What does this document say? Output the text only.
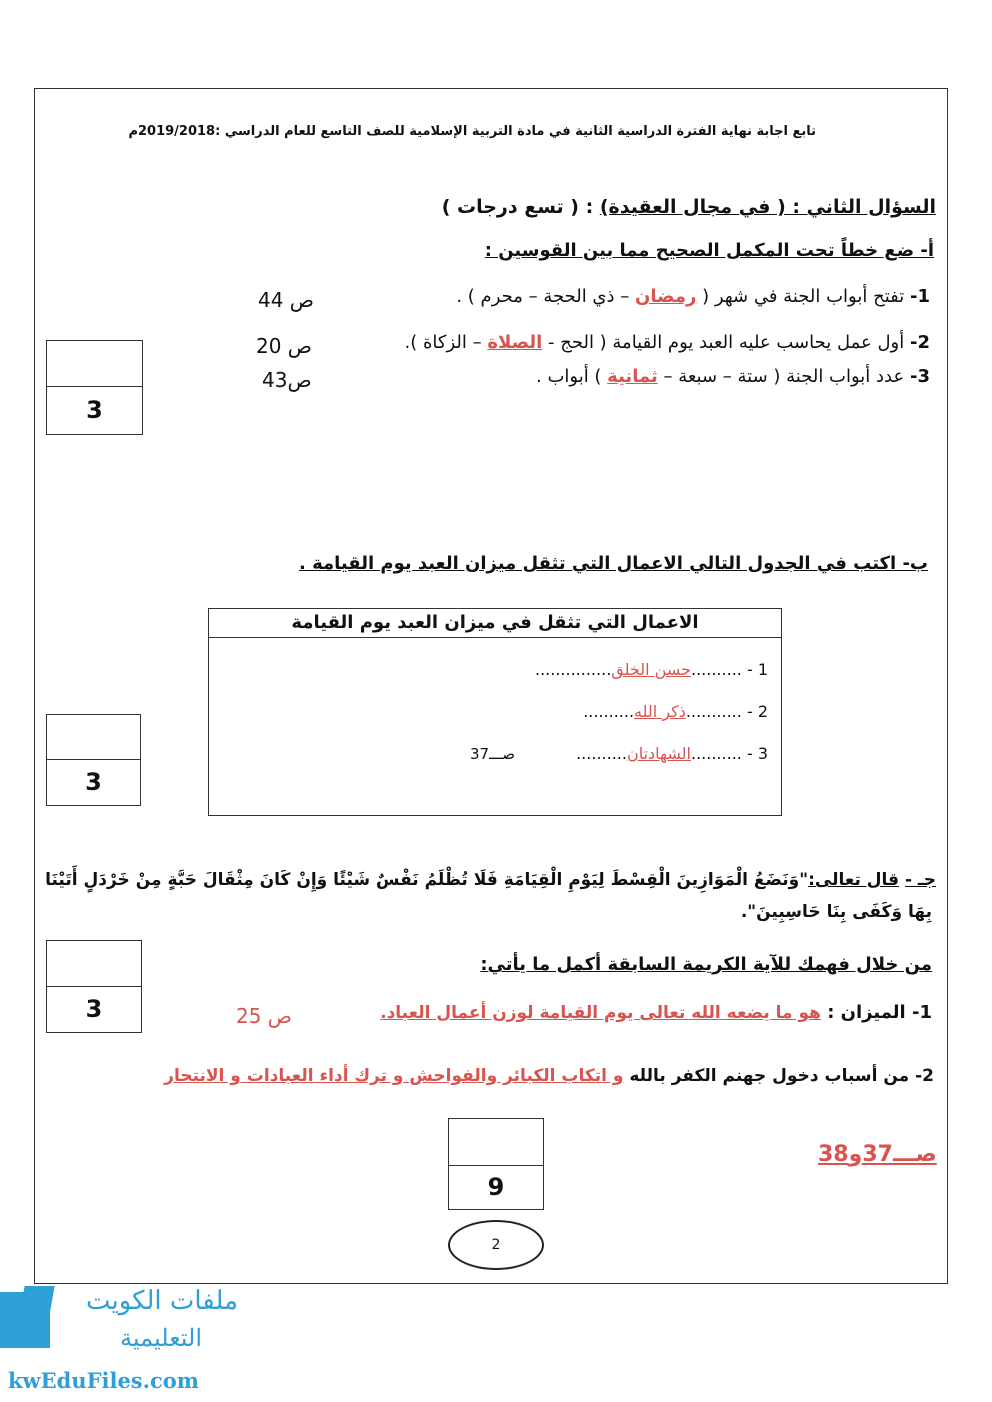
تابع اجابة نهاية الفترة الدراسية الثانية في مادة التربية الإسلامية للصف التاسع للعام الدراسي :2019/2018م
السؤال الثاني : ( في مجال العقيدة) : ( تسع درجات )
أ- ضع خطاً تحت المكمل الصحيح مما بين القوسين :
1- تفتح أبواب الجنة في شهر ( رمضان – ذي الحجة – محرم ) .
ص 44
2- أول عمل يحاسب عليه العبد يوم القيامة ( الحج - الصلاة – الزكاة ).
ص 20
3- عدد أبواب الجنة ( ستة – سبعة – ثمانية ) أبواب .
ص43
3
ب- اكتب في الجدول التالي الاعمال التي تثقل ميزان العبد يوم القيامة .
الاعمال التي تثقل في ميزان العبد يوم القيامة
1 - ..........حسن الخلق...............
2 - ...........ذكر الله..........
3 - ..........الشهادتان..........
صـــ37
3
جـ - قال تعالى:"وَنَضَعُ الْمَوَازِينَ الْقِسْطَ لِيَوْمِ الْقِيَامَةِ فَلَا تُظْلَمُ نَفْسٌ شَيْئًا وَإِنْ كَانَ مِثْقَالَ حَبَّةٍ مِنْ خَرْدَلٍ أَتَيْنَا
بِهَا وَكَفَى بِنَا حَاسِبِينَ".
من خلال فهمك للآية الكريمة السابقة أكمل ما يأتي:
3	1- الميزان : هو ما يضعه الله تعالى يوم القيامة لوزن أعمال العباد.
ص 25
2- من أسباب دخول جهنم الكفر بالله و اتكاب الكبائر والفواحش و ترك أداء العبادات و الانتحار
صـــ37و38
9
2
ملفات الكويت
التعليمية
kwEduFiles.com
